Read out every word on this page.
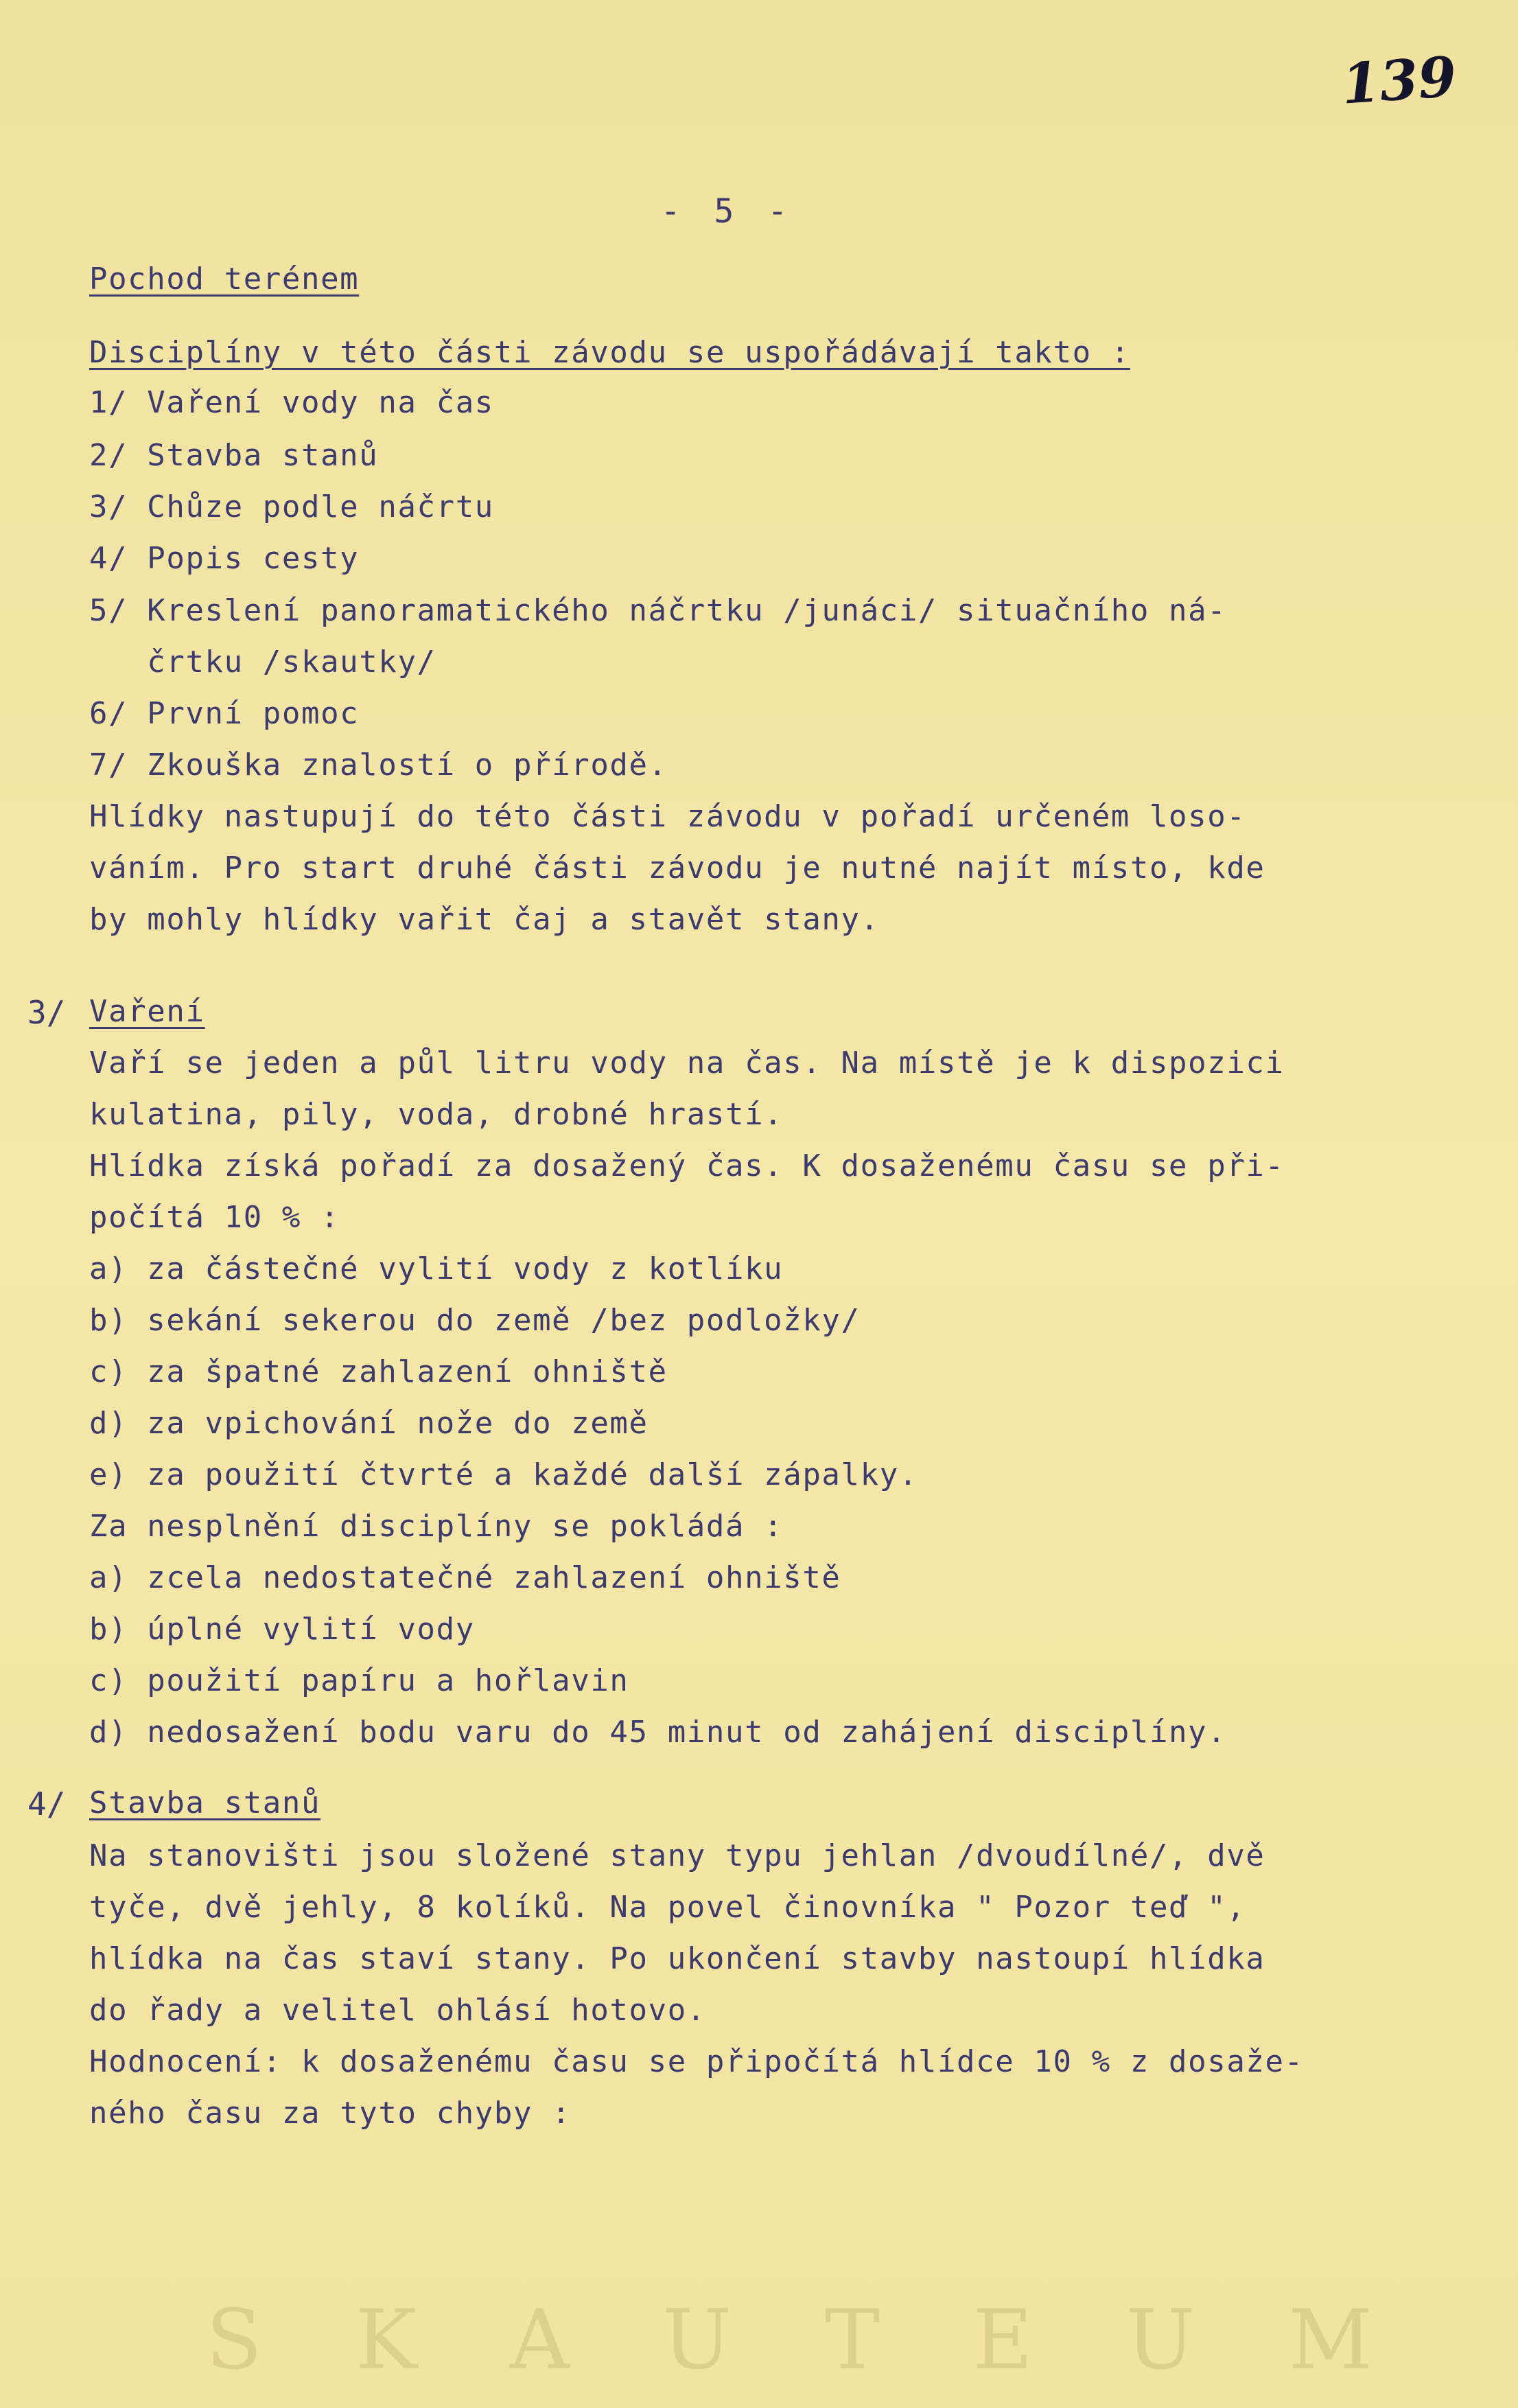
139
- 5 -
Pochod terénem
Disciplíny v této části závodu se uspořádávají takto :
1/ Vaření vody na čas
2/ Stavba stanů
3/ Chůze podle náčrtu
4/ Popis cesty
5/ Kreslení panoramatického náčrtku /junáci/ situačního ná-
črtku /skautky/
6/ První pomoc
7/ Zkouška znalostí o přírodě.
Hlídky nastupují do této části závodu v pořadí určeném loso-
váním. Pro start druhé části závodu je nutné najít místo, kde
by mohly hlídky vařit čaj a stavět stany.
3/ Vaření
Vaří se jeden a půl litru vody na čas. Na místě je k dispozici
kulatina, pily, voda, drobné hrastí.
Hlídka získá pořadí za dosažený čas. K dosaženému času se při-
počítá 10 % :
a) za částečné vylití vody z kotlíku
b) sekání sekerou do země /bez podložky/
c) za špatné zahlazení ohniště
d) za vpichování nože do země
e) za použití čtvrté a každé další zápalky.
Za nesplnění disciplíny se pokládá :
a) zcela nedostatečné zahlazení ohniště
b) úplné vylití vody
c) použití papíru a hořlavin
d) nedosažení bodu varu do 45 minut od zahájení disciplíny.
4/ Stavba stanů
Na stanovišti jsou složené stany typu jehlan /dvoudílné/, dvě
tyče, dvě jehly, 8 kolíků. Na povel činovníka " Pozor teď ",
hlídka na čas staví stany. Po ukončení stavby nastoupí hlídka
do řady a velitel ohlásí hotovo.
Hodnocení: k dosaženému času se připočítá hlídce 10 % z dosaže-
ného času za tyto chyby :
S K A U T E U M
